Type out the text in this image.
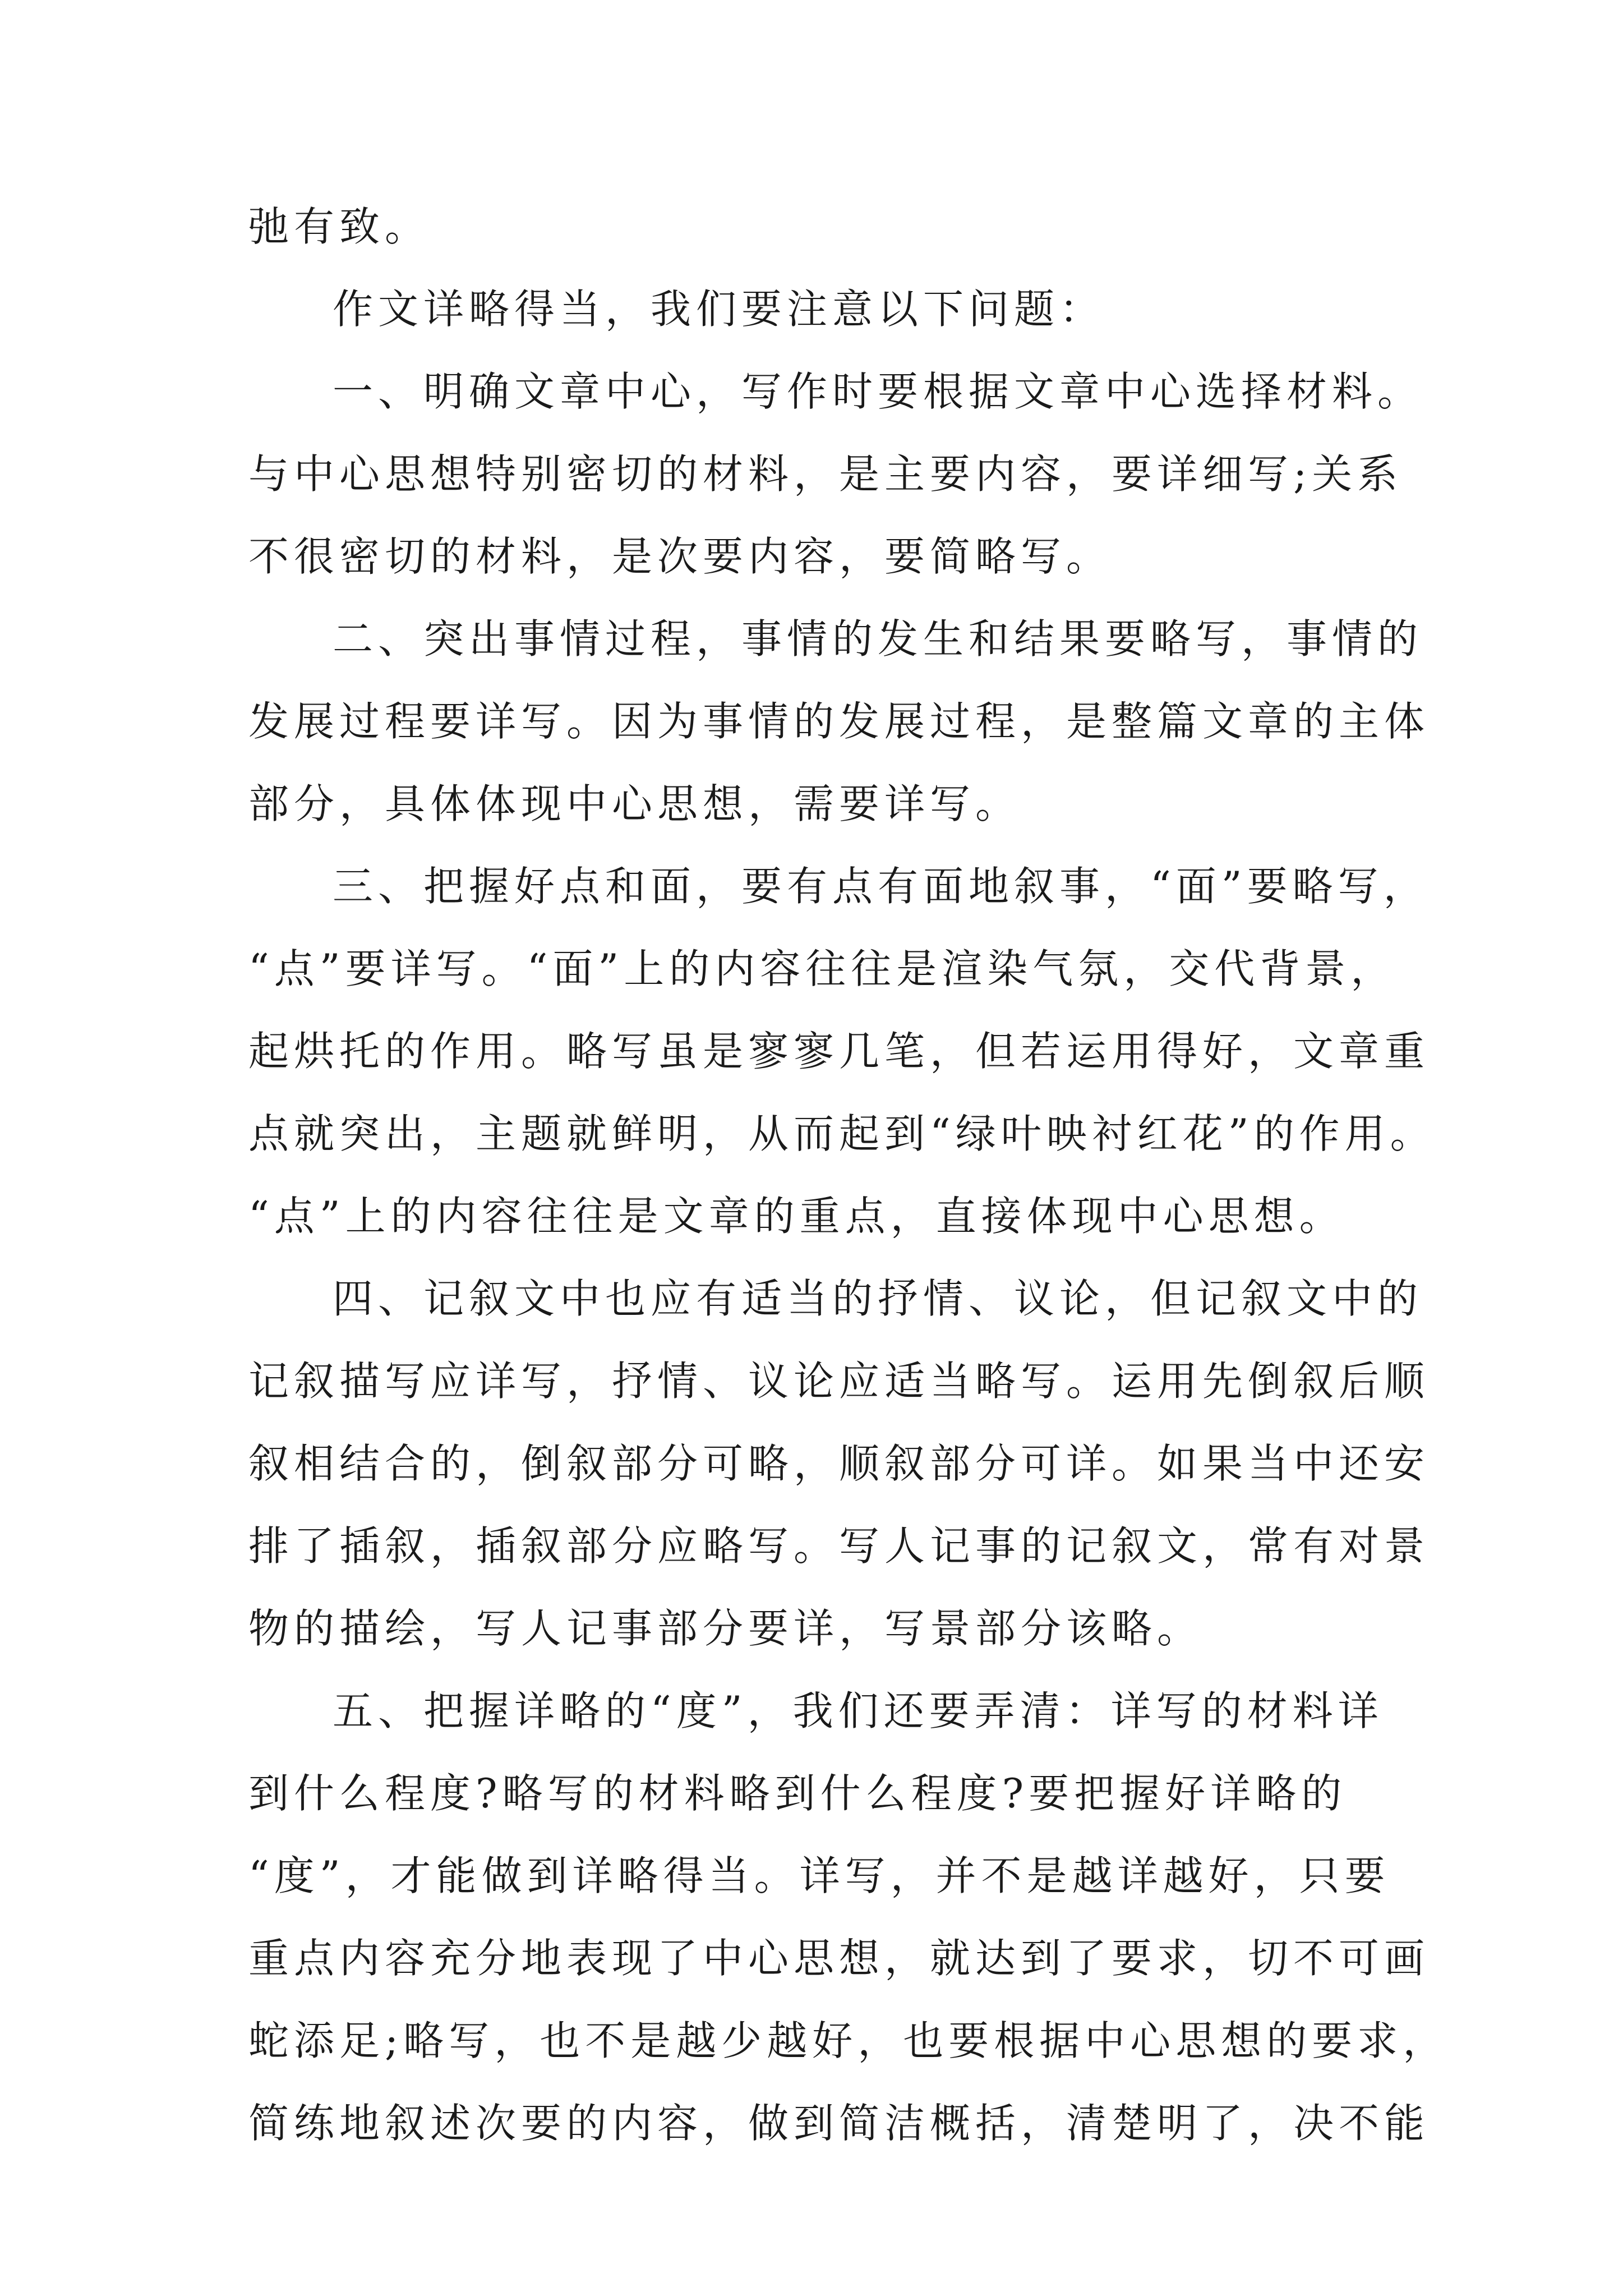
弛有致。

作文详略得当，我们要注意以下问题：

一、明确文章中心，写作时要根据文章中心选择材料。

与中心思想特别密切的材料，是主要内容，要详细写;关系

不很密切的材料，是次要内容，要简略写。

二、突出事情过程，事情的发生和结果要略写，事情的

发展过程要详写。因为事情的发展过程，是整篇文章的主体

部分，具体体现中心思想，需要详写。

三、把握好点和面，要有点有面地叙事，“面”要略写，

“点”要详写。“面”上的内容往往是渲染气氛，交代背景，

起烘托的作用。略写虽是寥寥几笔，但若运用得好，文章重

点就突出，主题就鲜明，从而起到“绿叶映衬红花”的作用。

“点”上的内容往往是文章的重点，直接体现中心思想。

四、记叙文中也应有适当的抒情、议论，但记叙文中的

记叙描写应详写，抒情、议论应适当略写。运用先倒叙后顺

叙相结合的，倒叙部分可略，顺叙部分可详。如果当中还安

排了插叙，插叙部分应略写。写人记事的记叙文，常有对景

物的描绘，写人记事部分要详，写景部分该略。

五、把握详略的“度”，我们还要弄清：详写的材料详

到什么程度?略写的材料略到什么程度?要把握好详略的

“度”，才能做到详略得当。详写，并不是越详越好，只要

重点内容充分地表现了中心思想，就达到了要求，切不可画

蛇添足;略写，也不是越少越好，也要根据中心思想的要求，

简练地叙述次要的内容，做到简洁概括，清楚明了，决不能
